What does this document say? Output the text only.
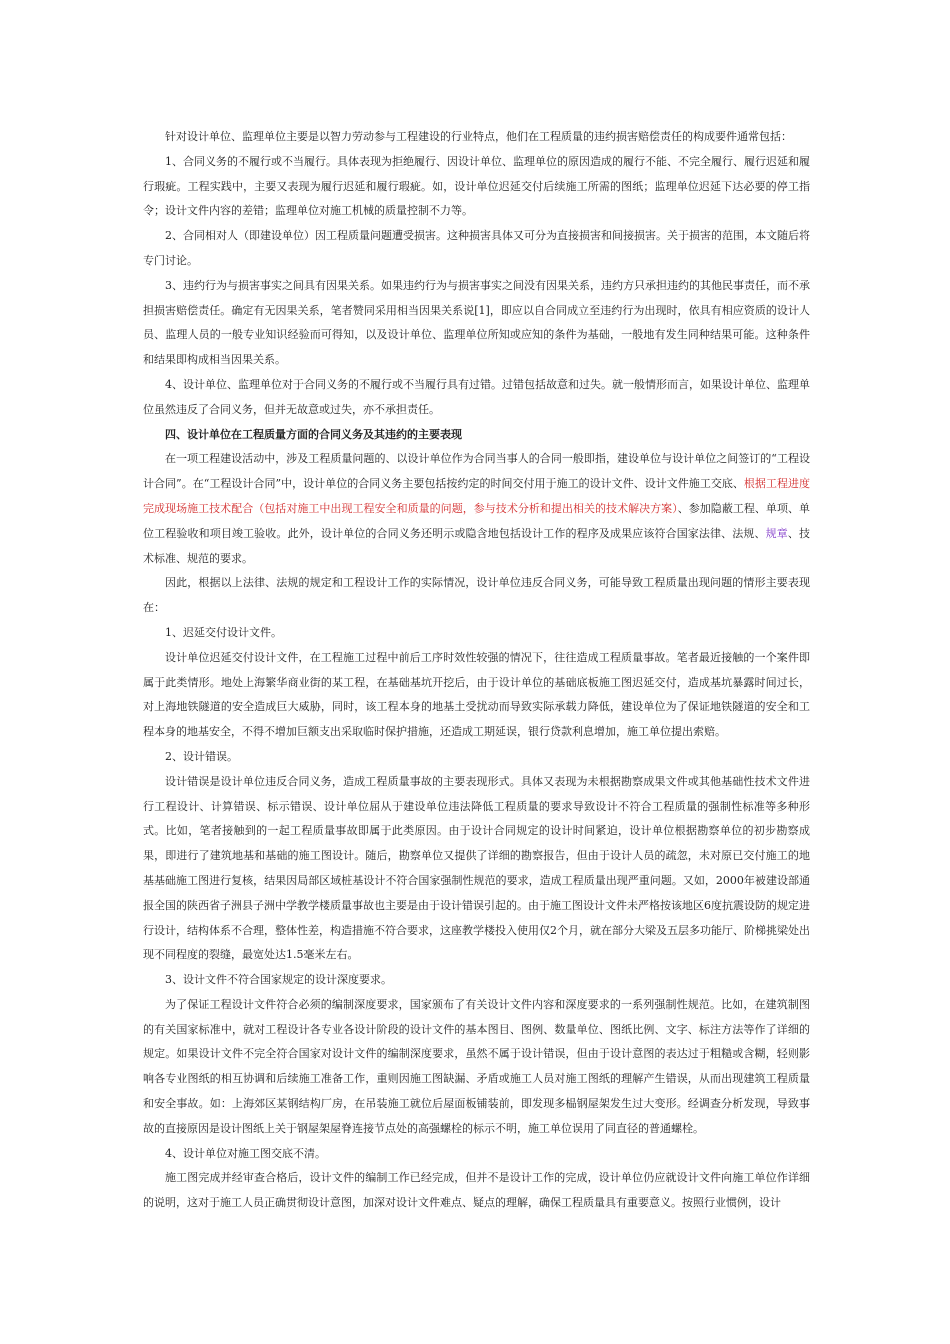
针对设计单位、监理单位主要是以智力劳动参与工程建设的行业特点，他们在工程质量的违约损害赔偿责任的构成要件通常包括：

1、合同义务的不履行或不当履行。具体表现为拒绝履行、因设计单位、监理单位的原因造成的履行不能、不完全履行、履行迟延和履行瑕疵。工程实践中，主要又表现为履行迟延和履行瑕疵。如，设计单位迟延交付后续施工所需的图纸；监理单位迟延下达必要的停工指令；设计文件内容的差错；监理单位对施工机械的质量控制不力等。

2、合同相对人（即建设单位）因工程质量问题遭受损害。这种损害具体又可分为直接损害和间接损害。关于损害的范围，本文随后将专门讨论。

3、违约行为与损害事实之间具有因果关系。如果违约行为与损害事实之间没有因果关系，违约方只承担违约的其他民事责任，而不承担损害赔偿责任。确定有无因果关系，笔者赞同采用相当因果关系说[1]，即应以自合同成立至违约行为出现时，依具有相应资质的设计人员、监理人员的一般专业知识经验而可得知，以及设计单位、监理单位所知或应知的条件为基础，一般地有发生同种结果可能。这种条件和结果即构成相当因果关系。

4、设计单位、监理单位对于合同义务的不履行或不当履行具有过错。过错包括故意和过失。就一般情形而言，如果设计单位、监理单位虽然违反了合同义务，但并无故意或过失，亦不承担责任。

四、设计单位在工程质量方面的合同义务及其违约的主要表现

在一项工程建设活动中，涉及工程质量问题的、以设计单位作为合同当事人的合同一般即指，建设单位与设计单位之间签订的“工程设计合同”。在“工程设计合同”中，设计单位的合同义务主要包括按约定的时间交付用于施工的设计文件、设计文件施工交底、根据工程进度完成现场施工技术配合（包括对施工中出现工程安全和质量的问题，参与技术分析和提出相关的技术解决方案）、参加隐蔽工程、单项、单位工程验收和项目竣工验收。此外，设计单位的合同义务还明示或隐含地包括设计工作的程序及成果应该符合国家法律、法规、规章、技术标准、规范的要求。

因此，根据以上法律、法规的规定和工程设计工作的实际情况，设计单位违反合同义务，可能导致工程质量出现问题的情形主要表现在：

1、迟延交付设计文件。

设计单位迟延交付设计文件，在工程施工过程中前后工序时效性较强的情况下，往往造成工程质量事故。笔者最近接触的一个案件即属于此类情形。地处上海繁华商业街的某工程，在基础基坑开挖后，由于设计单位的基础底板施工图迟延交付，造成基坑暴露时间过长，对上海地铁隧道的安全造成巨大威胁，同时，该工程本身的地基土受扰动而导致实际承载力降低，建设单位为了保证地铁隧道的安全和工程本身的地基安全，不得不增加巨额支出采取临时保护措施，还造成工期延误，银行贷款利息增加，施工单位提出索赔。

2、设计错误。

设计错误是设计单位违反合同义务，造成工程质量事故的主要表现形式。具体又表现为未根据勘察成果文件或其他基础性技术文件进行工程设计、计算错误、标示错误、设计单位屈从于建设单位违法降低工程质量的要求导致设计不符合工程质量的强制性标准等多种形式。比如，笔者接触到的一起工程质量事故即属于此类原因。由于设计合同规定的设计时间紧迫，设计单位根据勘察单位的初步勘察成果，即进行了建筑地基和基础的施工图设计。随后，勘察单位又提供了详细的勘察报告，但由于设计人员的疏忽，未对原已交付施工的地基基础施工图进行复核，结果因局部区域桩基设计不符合国家强制性规范的要求，造成工程质量出现严重问题。又如，2000年被建设部通报全国的陕西省子洲县子洲中学教学楼质量事故也主要是由于设计错误引起的。由于施工图设计文件未严格按该地区6度抗震设防的规定进行设计，结构体系不合理，整体性差，构造措施不符合要求，这座教学楼投入使用仅2个月，就在部分大梁及五层多功能厅、阶梯挑梁处出现不同程度的裂缝，最宽处达1.5毫米左右。

3、设计文件不符合国家规定的设计深度要求。

为了保证工程设计文件符合必须的编制深度要求，国家颁布了有关设计文件内容和深度要求的一系列强制性规范。比如，在建筑制图的有关国家标准中，就对工程设计各专业各设计阶段的设计文件的基本图目、图例、数量单位、图纸比例、文字、标注方法等作了详细的规定。如果设计文件不完全符合国家对设计文件的编制深度要求，虽然不属于设计错误，但由于设计意图的表达过于粗糙或含糊，轻则影响各专业图纸的相互协调和后续施工准备工作，重则因施工图缺漏、矛盾或施工人员对施工图纸的理解产生错误，从而出现建筑工程质量和安全事故。如：上海郊区某钢结构厂房，在吊装施工就位后屋面板铺装前，即发现多榀钢屋架发生过大变形。经调查分析发现，导致事故的直接原因是设计图纸上关于钢屋架屋脊连接节点处的高强螺栓的标示不明，施工单位误用了同直径的普通螺栓。

4、设计单位对施工图交底不清。

施工图完成并经审查合格后，设计文件的编制工作已经完成，但并不是设计工作的完成，设计单位仍应就设计文件向施工单位作详细的说明，这对于施工人员正确贯彻设计意图，加深对设计文件难点、疑点的理解，确保工程质量具有重要意义。按照行业惯例，设计
